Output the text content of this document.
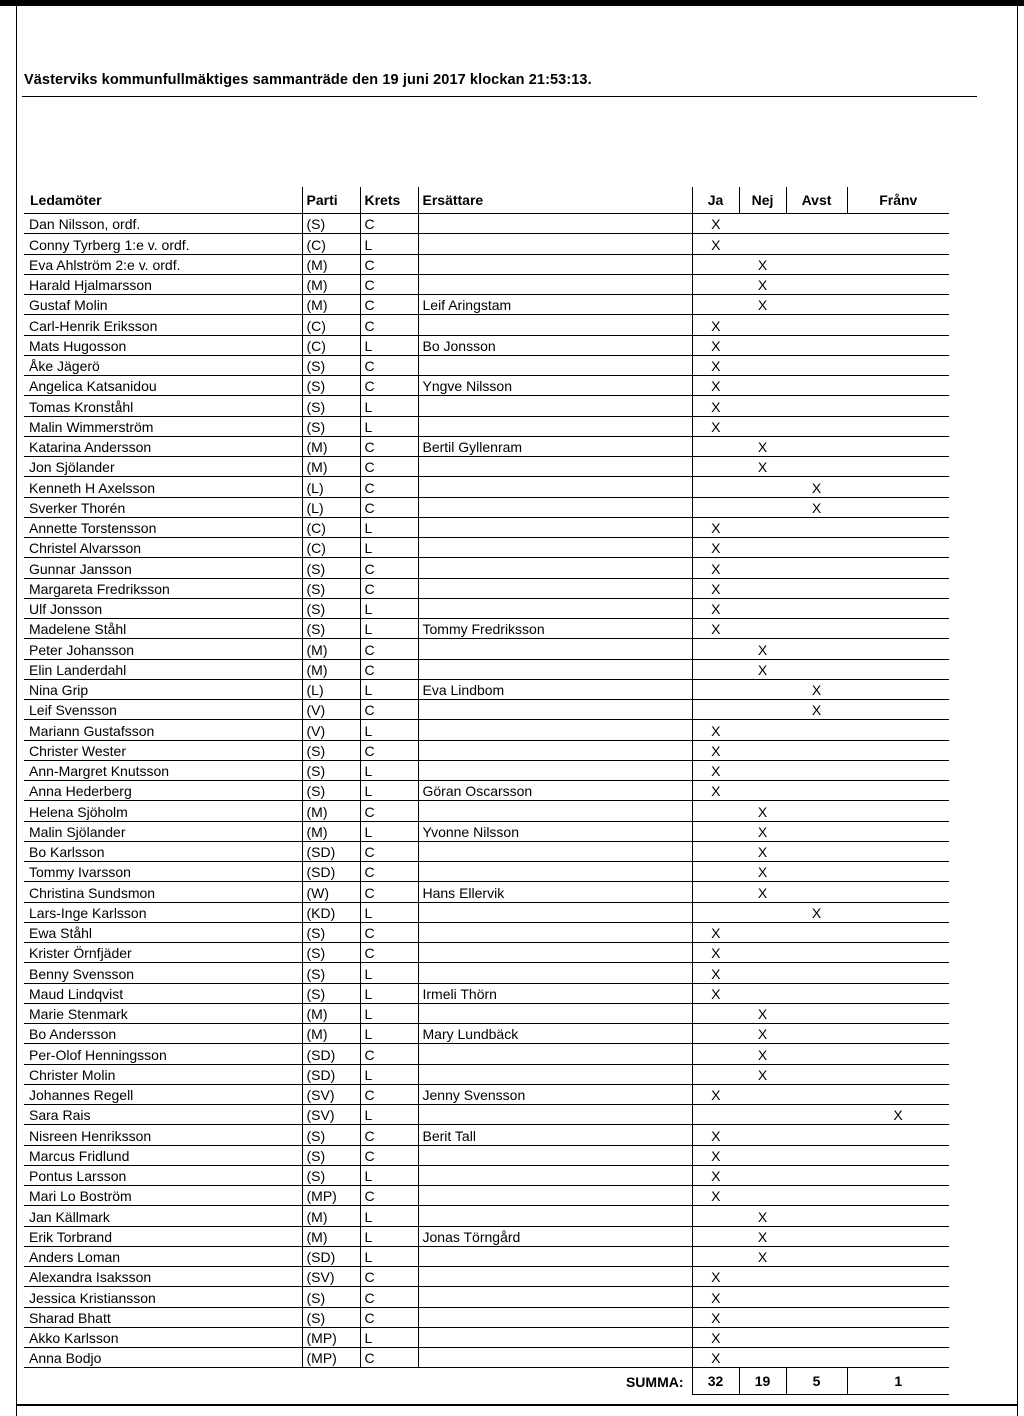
Västerviks kommunfullmäktiges sammanträde den 19 juni 2017 klockan 21:53:13.
Ledamöter	Parti	Krets	Ersättare	Ja	Nej	Avst	Frånv
Dan Nilsson, ordf.	(S)	C		X			
Conny Tyrberg 1:e v. ordf.	(C)	L		X			
Eva Ahlström 2:e v. ordf.	(M)	C			X		
Harald Hjalmarsson	(M)	C			X		
Gustaf Molin	(M)	C	Leif Aringstam		X		
Carl-Henrik Eriksson	(C)	C		X			
Mats Hugosson	(C)	L	Bo Jonsson	X			
Åke Jägerö	(S)	C		X			
Angelica Katsanidou	(S)	C	Yngve Nilsson	X			
Tomas Kronståhl	(S)	L		X			
Malin Wimmerström	(S)	L		X			
Katarina Andersson	(M)	C	Bertil Gyllenram		X		
Jon Sjölander	(M)	C			X		
Kenneth H Axelsson	(L)	C				X	
Sverker Thorén	(L)	C				X	
Annette Torstensson	(C)	L		X			
Christel Alvarsson	(C)	L		X			
Gunnar Jansson	(S)	C		X			
Margareta Fredriksson	(S)	C		X			
Ulf Jonsson	(S)	L		X			
Madelene Ståhl	(S)	L	Tommy Fredriksson	X			
Peter Johansson	(M)	C			X		
Elin Landerdahl	(M)	C			X		
Nina Grip	(L)	L	Eva Lindbom			X	
Leif Svensson	(V)	C				X	
Mariann Gustafsson	(V)	L		X			
Christer Wester	(S)	C		X			
Ann-Margret Knutsson	(S)	L		X			
Anna Hederberg	(S)	L	Göran Oscarsson	X			
Helena Sjöholm	(M)	C			X		
Malin Sjölander	(M)	L	Yvonne Nilsson		X		
Bo Karlsson	(SD)	C			X		
Tommy Ivarsson	(SD)	C			X		
Christina Sundsmon	(W)	C	Hans Ellervik		X		
Lars-Inge Karlsson	(KD)	L				X	
Ewa Ståhl	(S)	C		X			
Krister Örnfjäder	(S)	C		X			
Benny Svensson	(S)	L		X			
Maud Lindqvist	(S)	L	Irmeli Thörn	X			
Marie Stenmark	(M)	L			X		
Bo Andersson	(M)	L	Mary Lundbäck		X		
Per-Olof Henningsson	(SD)	C			X		
Christer Molin	(SD)	L			X		
Johannes Regell	(SV)	C	Jenny Svensson	X			
Sara Rais	(SV)	L					X
Nisreen Henriksson	(S)	C	Berit Tall	X			
Marcus Fridlund	(S)	C		X			
Pontus Larsson	(S)	L		X			
Mari Lo Boström	(MP)	C		X			
Jan Källmark	(M)	L			X		
Erik Torbrand	(M)	L	Jonas Törngård		X		
Anders Loman	(SD)	L			X		
Alexandra Isaksson	(SV)	C		X			
Jessica Kristiansson	(S)	C		X			
Sharad Bhatt	(S)	C		X			
Akko Karlsson	(MP)	L		X			
Anna Bodjo	(MP)	C		X			
SUMMA:				32	19	5	1
